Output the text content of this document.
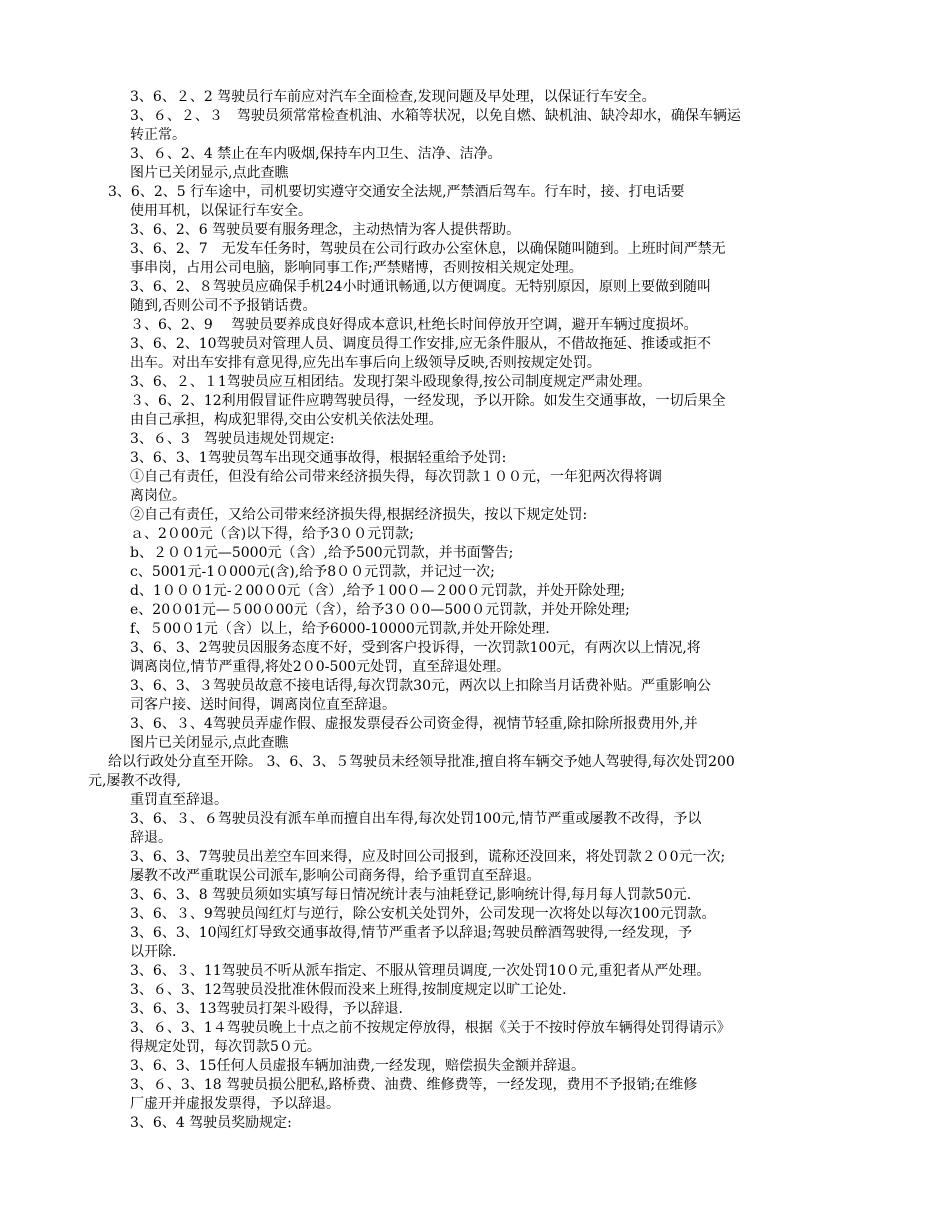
3、6、２、2 驾驶员行车前应对汽车全面检查,发现问题及早处理，以保证行车安全。

3、６、２、３　驾驶员须常常检查机油、水箱等状况，以免自燃、缺机油、缺冷却水，确保车辆运

转正常。

3、６、2、4 禁止在车内吸烟,保持车内卫生、洁净、洁净。

图片已关闭显示,点此查瞧

3、6、2、5 行车途中，司机要切实遵守交通安全法规,严禁酒后驾车。行车时，接、打电话要

使用耳机，以保证行车安全。

3、6、2、6 驾驶员要有服务理念，主动热情为客人提供帮助。

3、6、2、7　无发车任务时，驾驶员在公司行政办公室休息，以确保随叫随到。上班时间严禁无

事串岗，占用公司电脑，影响同事工作;严禁赌博，否则按相关规定处理。

3、6、2、８驾驶员应确保手机24小时通讯畅通,以方便调度。无特别原因，原则上要做到随叫

随到,否则公司不予报销话费。

３、6、2、9　 驾驶员要养成良好得成本意识,杜绝长时间停放开空调，避开车辆过度损坏。

3、6、2、10驾驶员对管理人员、调度员得工作安排,应无条件服从，不借故拖延、推诿或拒不

出车。对出车安排有意见得,应先出车事后向上级领导反映,否则按规定处罚。

3、6、２、１1驾驶员应互相团结。发现打架斗殴现象得,按公司制度规定严肃处理。

３、6、2、12利用假冒证件应聘驾驶员得，一经发现，予以开除。如发生交通事故，一切后果全

由自己承担，构成犯罪得,交由公安机关依法处理。

3、６、3　驾驶员违规处罚规定:

3、6、3、1驾驶员驾车出现交通事故得，根据轻重给予处罚:

①自己有责任，但没有给公司带来经济损失得，每次罚款１００元，一年犯两次得将调

离岗位。

②自己有责任，又给公司带来经济损失得,根据经济损失，按以下规定处罚:

ａ、2０00元（含)以下得，给予3００元罚款;

b、２００1元—5000元（含）,给予500元罚款，并书面警告;

c、5001元-1０000元(含),给予8００元罚款，并记过一次;

d、1０００1元-２00０0元（含）,给予１00０—２00０元罚款，并处开除处理;

e、20０01元—５00０00元（含），给予3００0—500０元罚款，并处开除处理;

f、５00０1元（含）以上，给予6000-10000元罚款,并处开除处理.

3、6、3、2驾驶员因服务态度不好，受到客户投诉得，一次罚款100元，有两次以上情况,将

调离岗位,情节严重得,将处2０0-500元处罚，直至辞退处理。

3、6、3、３驾驶员故意不接电话得,每次罚款30元，两次以上扣除当月话费补贴。严重影响公

司客户接、送时间得，调离岗位直至辞退。

3、6、３、4驾驶员弄虚作假、虚报发票侵吞公司资金得，视情节轻重,除扣除所报费用外,并

图片已关闭显示,点此查瞧

给以行政处分直至开除。 3、6、3、５驾驶员未经领导批准,擅自将车辆交予她人驾驶得,每次处罚200

元,屡教不改得,

重罚直至辞退。

3、6、３、６驾驶员没有派车单而擅自出车得,每次处罚100元,情节严重或屡教不改得，予以

辞退。

3、6、3、7驾驶员出差空车回来得，应及时回公司报到，谎称还没回来，将处罚款２０0元一次;

屡教不改严重耽误公司派车,影响公司商务得，给予重罚直至辞退。

3、6、3、8 驾驶员须如实填写每日情况统计表与油耗登记,影响统计得,每月每人罚款50元.

3、6、３、9驾驶员闯红灯与逆行，除公安机关处罚外，公司发现一次将处以每次100元罚款。

3、6、3、10闯红灯导致交通事故得,情节严重者予以辞退;驾驶员醉酒驾驶得,一经发现，予

以开除.

3、6、３、11驾驶员不听从派车指定、不服从管理员调度,一次处罚10０元,重犯者从严处理。

3、６、3、12驾驶员没批准休假而没来上班得,按制度规定以旷工论处.

3、6、3、13驾驶员打架斗殴得，予以辞退.

3、６、3、1４驾驶员晚上十点之前不按规定停放得，根据《关于不按时停放车辆得处罚得请示》

得规定处罚，每次罚款5０元。

3、6、3、15任何人员虚报车辆加油费,一经发现，赔偿损失金额并辞退。

3、６、3、18 驾驶员损公肥私,路桥费、油费、维修费等，一经发现，费用不予报销;在维修

厂虚开并虚报发票得，予以辞退。

3、6、4 驾驶员奖励规定:
